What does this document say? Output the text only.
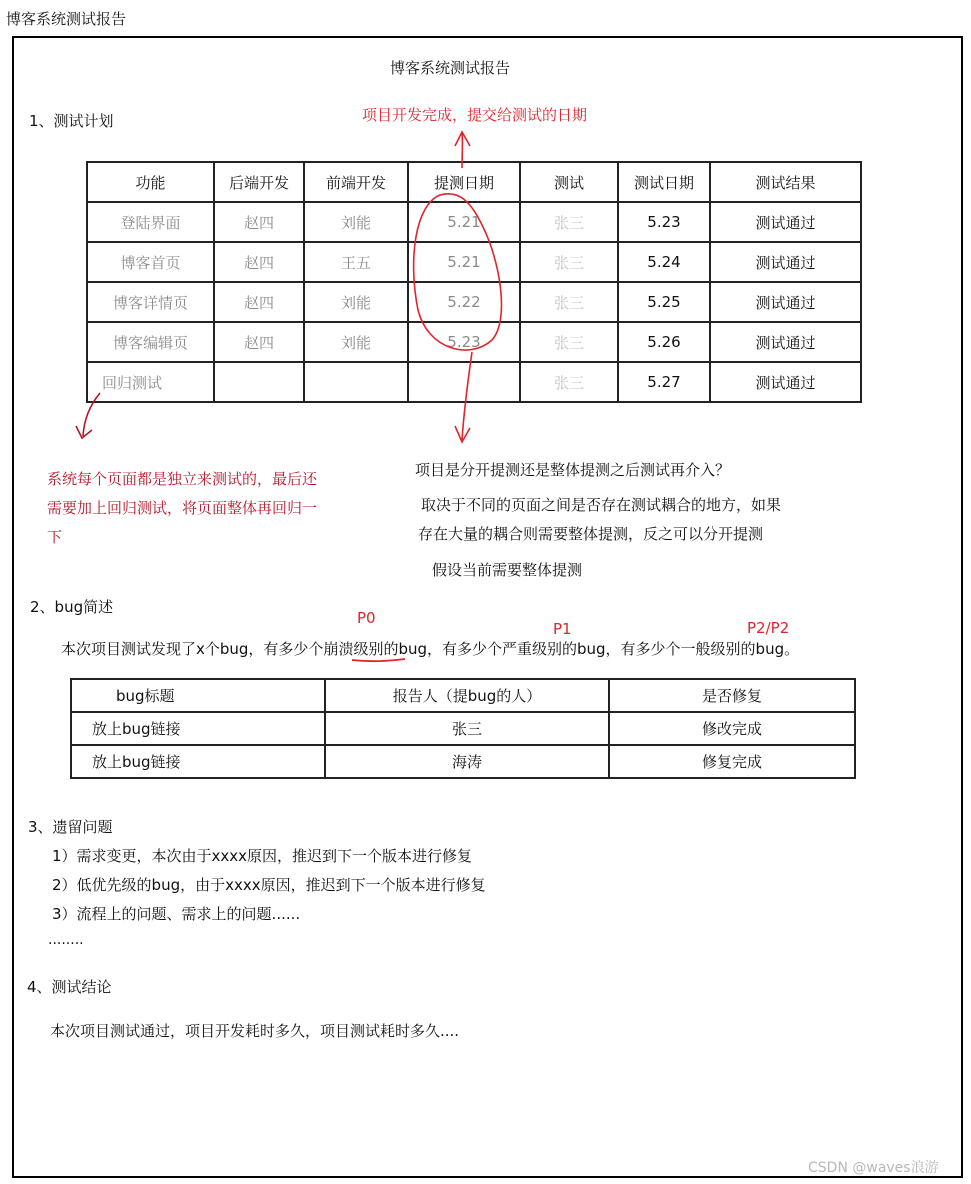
博客系统测试报告
博客系统测试报告
1、测试计划	项目开发完成，提交给测试的日期
功能	后端开发	前端开发	提测日期	测试	测试日期	测试结果
登陆界面	赵四	刘能	5.21	张三	5.23	测试通过
博客首页	赵四	王五	5.21	张三	5.24	测试通过
博客详情页	赵四	刘能	5.22	张三	5.25	测试通过
博客编辑页	赵四	刘能	5.23	张三	5.26	测试通过
回归测试				张三	5.27	测试通过
系统每个页面都是独立来测试的，最后还
需要加上回归测试，将页面整体再回归一
下
项目是分开提测还是整体提测之后测试再介入？
取决于不同的页面之间是否存在测试耦合的地方，如果
存在大量的耦合则需要整体提测，反之可以分开提测
假设当前需要整体提测
2、bug简述
P0
P1	P2/P2
本次项目测试发现了x个bug，有多少个崩溃级别的bug，有多少个严重级别的bug，有多少个一般级别的bug。
bug标题	报告人（提bug的人）	是否修复
放上bug链接	张三	修改完成
放上bug链接	海涛	修复完成
3、遗留问题
1）需求变更，本次由于xxxx原因，推迟到下一个版本进行修复
2）低优先级的bug，由于xxxx原因，推迟到下一个版本进行修复
3）流程上的问题、需求上的问题......
........
4、测试结论
本次项目测试通过，项目开发耗时多久，项目测试耗时多久....
CSDN @waves浪游
